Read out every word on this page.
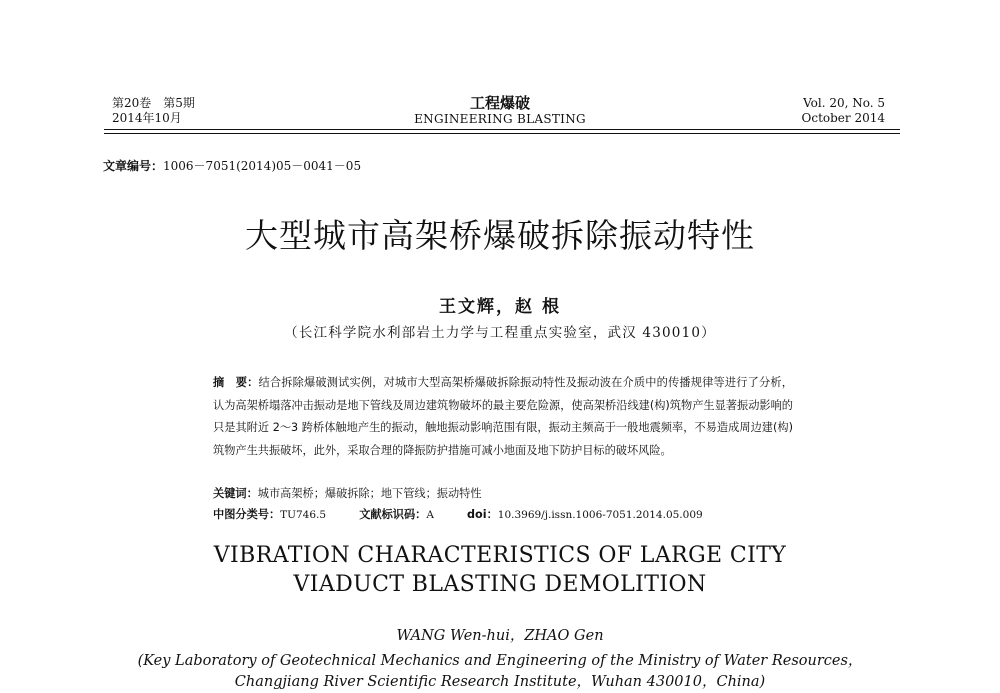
第20卷　第5期
2014年10月
工程爆破
ENGINEERING BLASTING
Vol. 20, No. 5
October 2014
文章编号：1006－7051(2014)05－0041－05
大型城市高架桥爆破拆除振动特性
王文辉，赵 根
（长江科学院水利部岩土力学与工程重点实验室，武汉 430010）
摘　要：结合拆除爆破测试实例，对城市大型高架桥爆破拆除振动特性及振动波在介质中的传播规律等进行了分析，认为高架桥塌落冲击振动是地下管线及周边建筑物破坏的最主要危险源，使高架桥沿线建(构)筑物产生显著振动影响的只是其附近 2～3 跨桥体触地产生的振动，触地振动影响范围有限，振动主频高于一般地震频率，不易造成周边建(构)筑物产生共振破坏，此外，采取合理的降振防护措施可减小地面及地下防护目标的破坏风险。
关键词：城市高架桥；爆破拆除；地下管线；振动特性
中图分类号：TU746.5	文献标识码：A	doi：10.3969/j.issn.1006-7051.2014.05.009
VIBRATION CHARACTERISTICS OF LARGE CITY
VIADUCT BLASTING DEMOLITION
WANG Wen-hui，ZHAO Gen
(Key Laboratory of Geotechnical Mechanics and Engineering of the Ministry of Water Resources，
Changjiang River Scientific Research Institute，Wuhan 430010，China)
